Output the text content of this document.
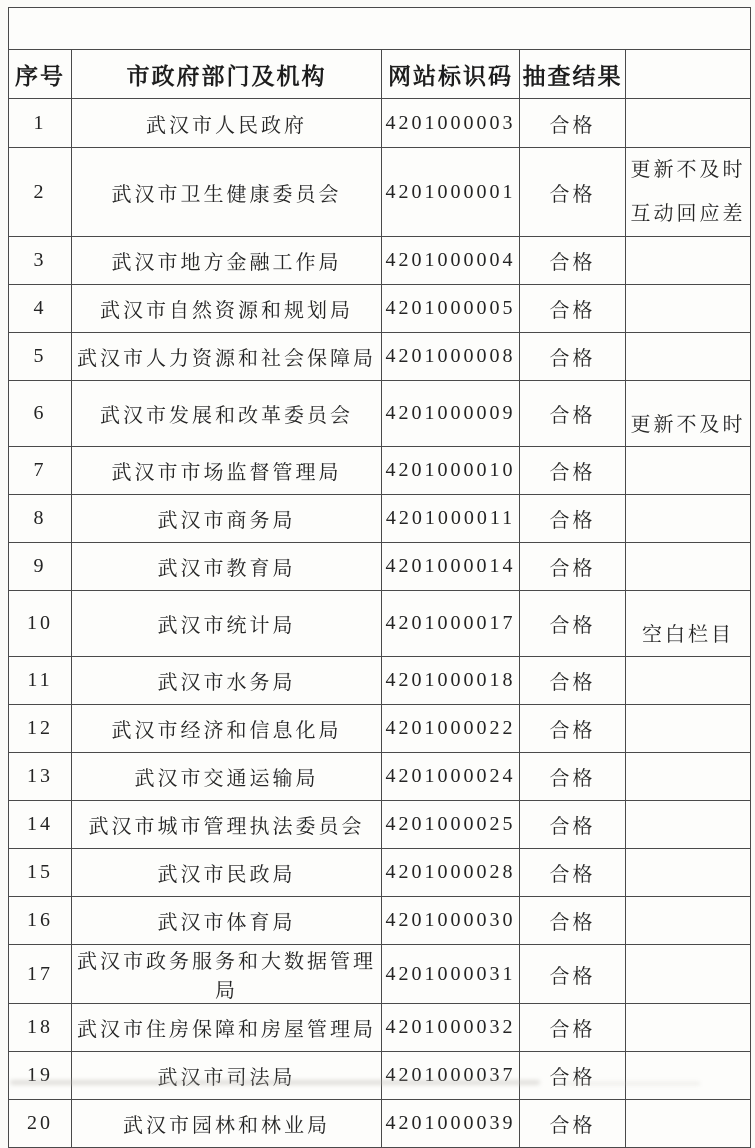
序号	市政府部门及机构	网站标识码	抽查结果	
1	武汉市人民政府	4201000003	合格	
2	武汉市卫生健康委员会	4201000001	合格	更新不及时
互动回应差

3	武汉市地方金融工作局	4201000004	合格	
4	武汉市自然资源和规划局	4201000005	合格	
5	武汉市人力资源和社会保障局	4201000008	合格	
6	武汉市发展和改革委员会	4201000009	合格	更新不及时
7	武汉市市场监督管理局	4201000010	合格	
8	武汉市商务局	4201000011	合格	
9	武汉市教育局	4201000014	合格	
10	武汉市统计局	4201000017	合格	空白栏目
11	武汉市水务局	4201000018	合格	
12	武汉市经济和信息化局	4201000022	合格	
13	武汉市交通运输局	4201000024	合格	
14	武汉市城市管理执法委员会	4201000025	合格	
15	武汉市民政局	4201000028	合格	
16	武汉市体育局	4201000030	合格	
17	武汉市政务服务和大数据管理局	4201000031	合格	
18	武汉市住房保障和房屋管理局	4201000032	合格	
19	武汉市司法局	4201000037	合格	
20	武汉市园林和林业局	4201000039	合格	
